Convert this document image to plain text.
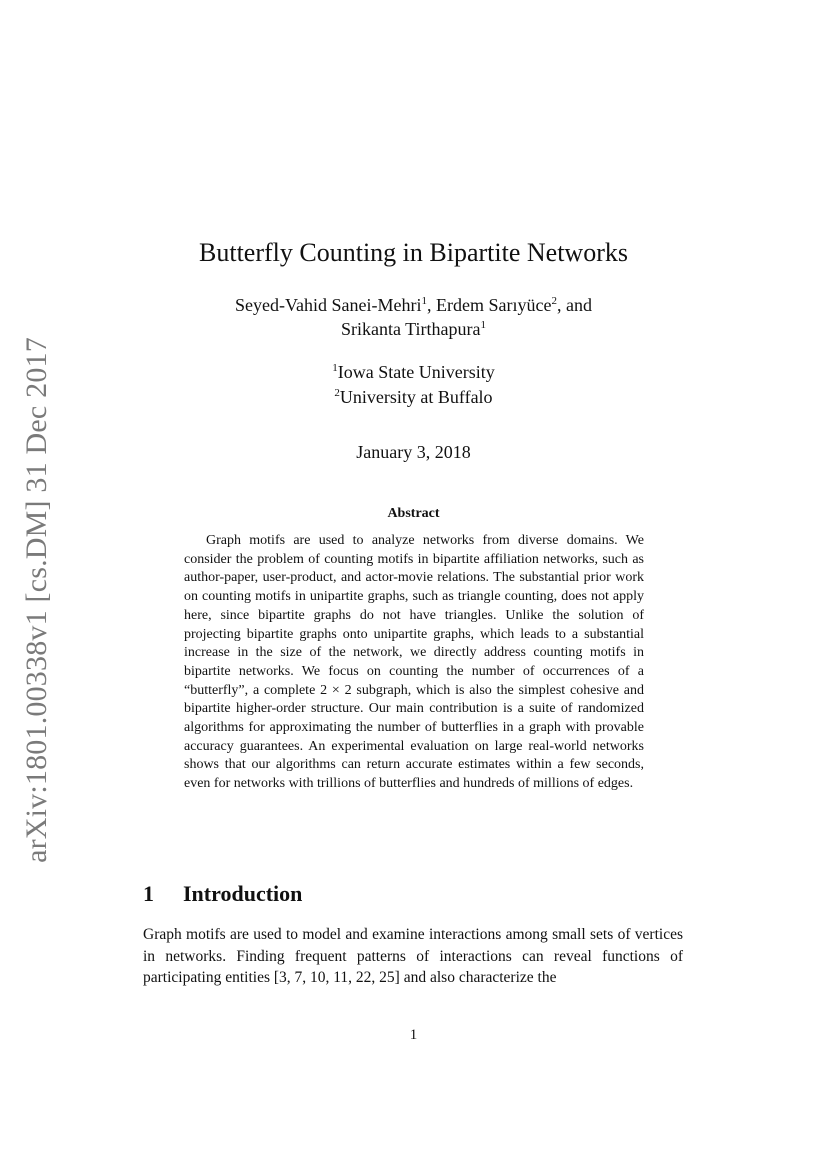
arXiv:1801.00338v1 [cs.DM] 31 Dec 2017
Butterfly Counting in Bipartite Networks
Seyed-Vahid Sanei-Mehri$^1$, Erdem Sarıyüce$^2$, and
Srikanta Tirthapura$^1$
$^1$Iowa State University
$^2$University at Buffalo
January 3, 2018
Abstract

Graph motifs are used to analyze networks from diverse domains. We consider the problem of counting motifs in bipartite affiliation networks, such as author-paper, user-product, and actor-movie relations. The substantial prior work on counting motifs in unipartite graphs, such as triangle counting, does not apply here, since bipartite graphs do not have triangles. Unlike the solution of projecting bipartite graphs onto unipartite graphs, which leads to a substantial increase in the size of the network, we directly address counting motifs in bipartite networks. We focus on counting the number of occurrences of a “butterfly”, a complete 2 × 2 subgraph, which is also the simplest cohesive and bipartite higher-order structure. Our main contribution is a suite of randomized algorithms for approximating the number of butterflies in a graph with provable accuracy guarantees. An experimental evaluation on large real-world networks shows that our algorithms can return accurate estimates within a few seconds, even for networks with trillions of butterflies and hundreds of millions of edges.

1 Introduction

Graph motifs are used to model and examine interactions among small sets of vertices in networks. Finding frequent patterns of interactions can reveal functions of participating entities [3, 7, 10, 11, 22, 25] and also characterize the

1
